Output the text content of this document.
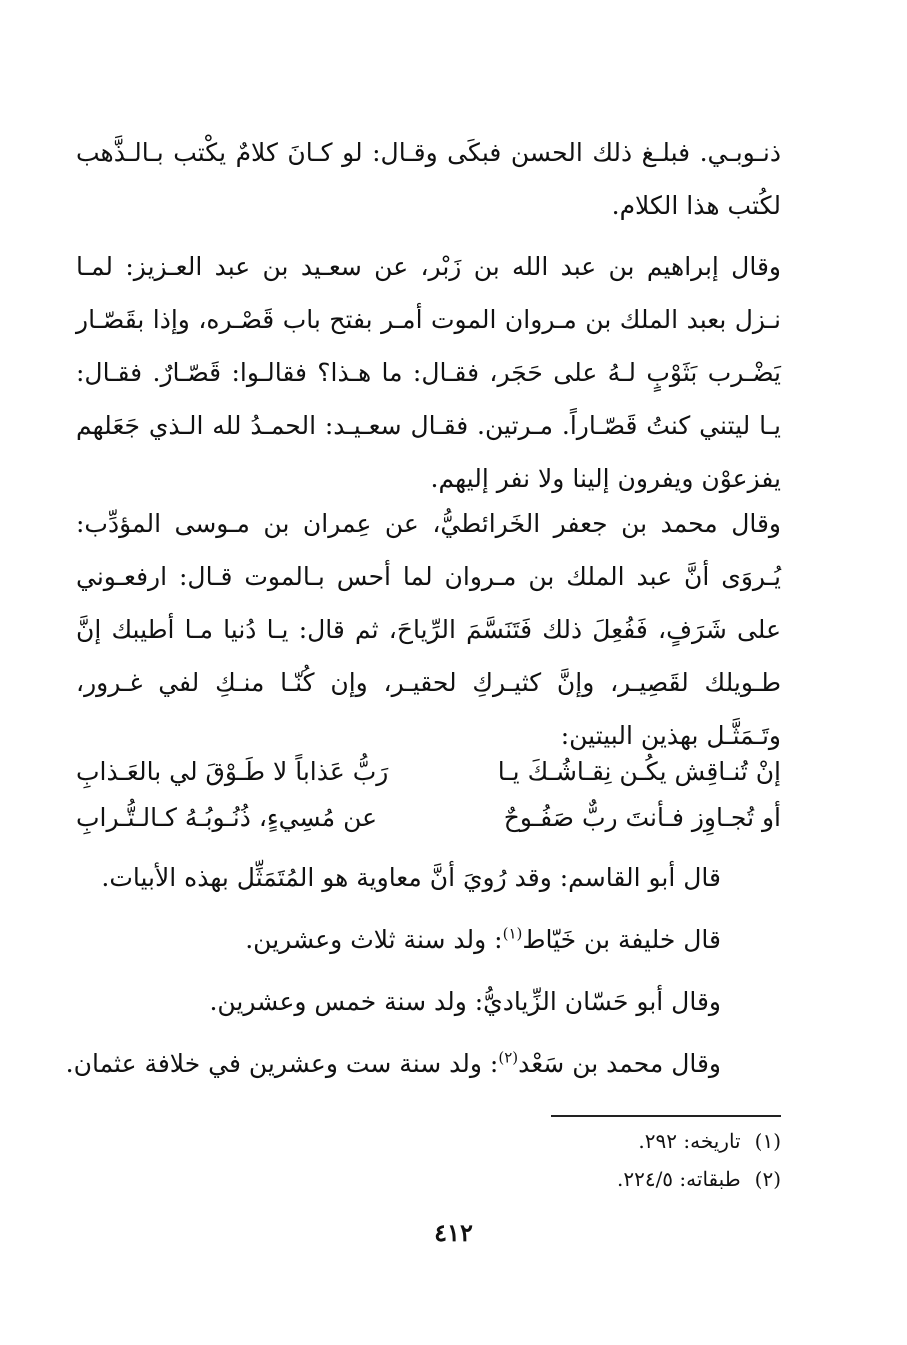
ذنـوبـي. فبلـغ ذلك الحسن فبكَى وقـال: لو كـانَ كلامٌ يكْتب بـالـذَّهب لكُتب هذا الكلام.

وقال إبراهيم بن عبد الله بن زَبْر، عن سعـيد بن عبد العـزيز: لمـا نـزل بعبد الملك بن مـروان الموت أمـر بفتح باب قَصْـره، وإذا بقَصّـار يَضْـرب بَثَوْبٍ لـهُ على حَجَر، فقـال: ما هـذا؟ فقالـوا: قَصّـارٌ. فقـال: يـا ليتني كنتُ قَصّـاراً. مـرتين. فقـال سعـيـد: الحمـدُ لله الـذي جَعَلهم يفزعوْن ويفرون إلينا ولا نفر إليهم.

وقال محمد بن جعفر الخَرائطيُّ، عن عِمران بن مـوسى المؤدِّب: يُـروَى أنَّ عبد الملك بن مـروان لما أحس بـالموت قـال: ارفعـوني على شَرَفٍ، فَفُعِلَ ذلك فَتَنَسَّمَ الرِّياحَ، ثم قال: يـا دُنيا مـا أطيبك إنَّ طـويلك لقَصِيـر، وإنَّ كثيـركِ لحقيـر، وإن كُنّـا منـكِ لفي غـرور، وتَـمَثَّـل بهذين البيتين:

إنْ تُنـاقِش يكُـن نِقـاشُـكَ يـا
رَبُّ عَذاباً لا طَـوْقَ لي بالعَـذابِ
أو تُجـاوِز فـأنتَ ربٌّ صَفُـوحٌ
عن مُسِيءٍ، ذُنُـوبُـهُ كـالـتُّـرابِ
قال أبو القاسم: وقد رُويَ أنَّ معاوية هو المُتَمَثِّل بهذه الأبيات.
قال خليفة بن خَيّاط$^{(١)}$: ولد سنة ثلاث وعشرين.
وقال أبو حَسّان الزِّياديُّ: ولد سنة خمس وعشرين.
وقال محمد بن سَعْد$^{(٢)}$: ولد سنة ست وعشرين في خلافة عثمان.
(١)تاريخه: ٢٩٢.
(٢)طبقاته: ٢٢٤/٥.
٤١٢
